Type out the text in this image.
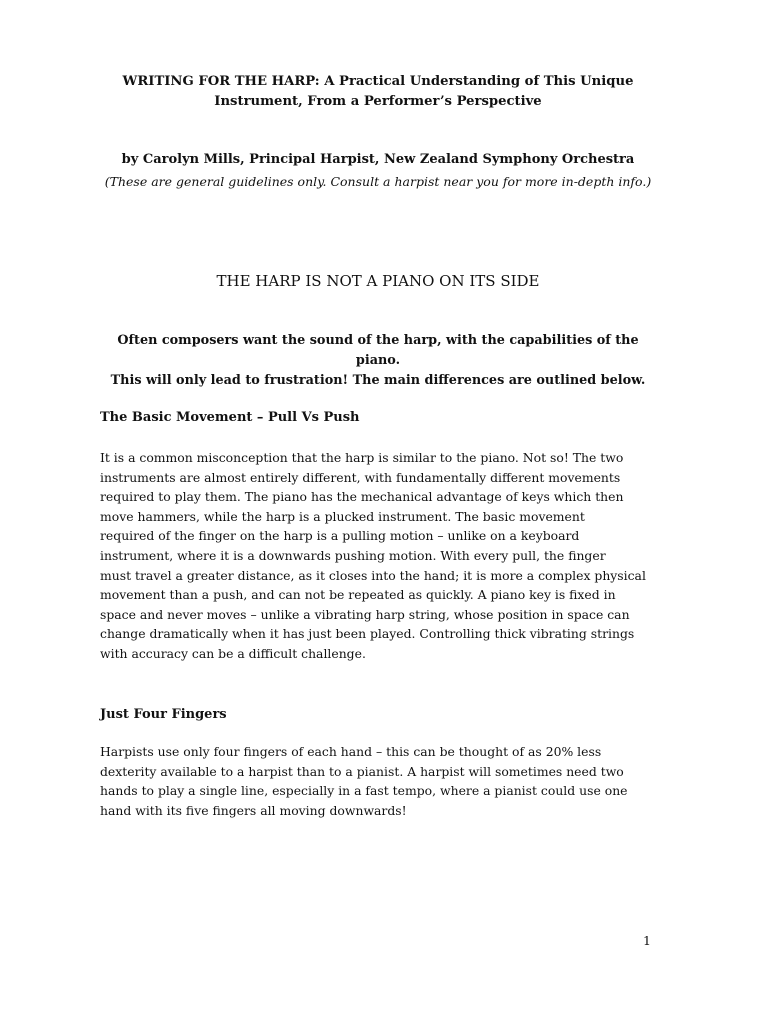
WRITING FOR THE HARP: A Practical Understanding of This Unique
Instrument, From a Performer’s Perspective
by Carolyn Mills, Principal Harpist, New Zealand Symphony Orchestra
(These are general guidelines only. Consult a harpist near you for more in-depth info.)
THE HARP IS NOT A PIANO ON ITS SIDE
Often composers want the sound of the harp, with the capabilities of the piano.
This will only lead to frustration! The main differences are outlined below.
The Basic Movement – Pull Vs Push
It is a common misconception that the harp is similar to the piano. Not so! The two
instruments are almost entirely different, with fundamentally different movements
required to play them. The piano has the mechanical advantage of keys which then
move hammers, while the harp is a plucked instrument. The basic movement
required of the finger on the harp is a pulling motion – unlike on a keyboard
instrument, where it is a downwards pushing motion. With every pull, the finger
must travel a greater distance, as it closes into the hand; it is more a complex physical
movement than a push, and can not be repeated as quickly. A piano key is fixed in
space and never moves – unlike a vibrating harp string, whose position in space can
change dramatically when it has just been played. Controlling thick vibrating strings
with accuracy can be a difficult challenge.
Just Four Fingers
Harpists use only four fingers of each hand – this can be thought of as 20% less
dexterity available to a harpist than to a pianist. A harpist will sometimes need two
hands to play a single line, especially in a fast tempo, where a pianist could use one
hand with its five fingers all moving downwards!
1
